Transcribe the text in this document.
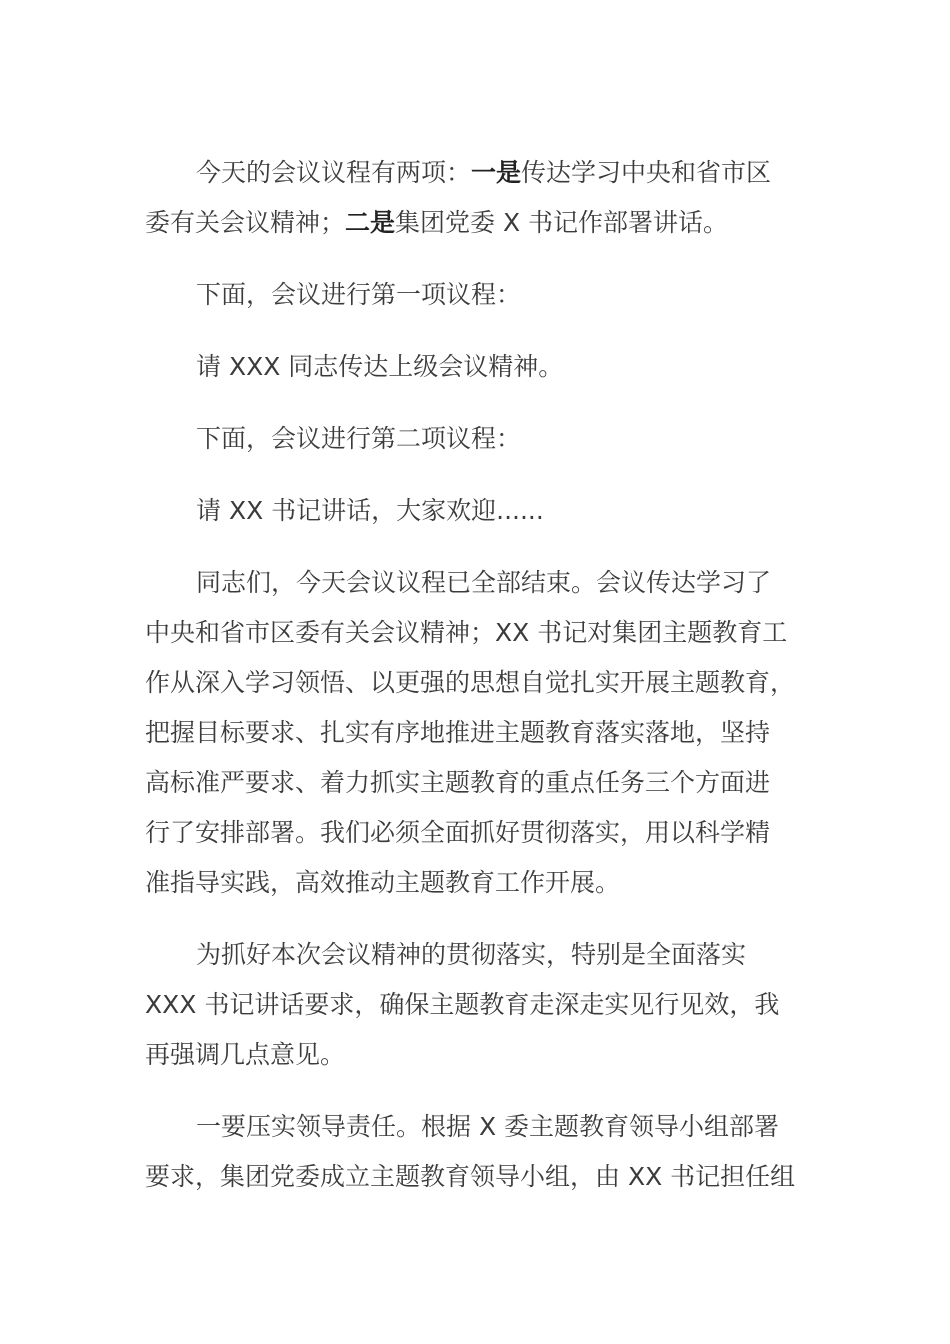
今天的会议议程有两项：一是传达学习中央和省市区
委有关会议精神；二是集团党委 X 书记作部署讲话。
下面，会议进行第一项议程：
请 XXX 同志传达上级会议精神。
下面，会议进行第二项议程：
请 XX 书记讲话，大家欢迎......
同志们，今天会议议程已全部结束。会议传达学习了
中央和省市区委有关会议精神；XX 书记对集团主题教育工
作从深入学习领悟、以更强的思想自觉扎实开展主题教育，
把握目标要求、扎实有序地推进主题教育落实落地，坚持
高标准严要求、着力抓实主题教育的重点任务三个方面进
行了安排部署。我们必须全面抓好贯彻落实，用以科学精
准指导实践，高效推动主题教育工作开展。
为抓好本次会议精神的贯彻落实，特别是全面落实
XXX 书记讲话要求，确保主题教育走深走实见行见效，我
再强调几点意见。
一要压实领导责任。根据 X 委主题教育领导小组部署
要求，集团党委成立主题教育领导小组，由 XX 书记担任组
